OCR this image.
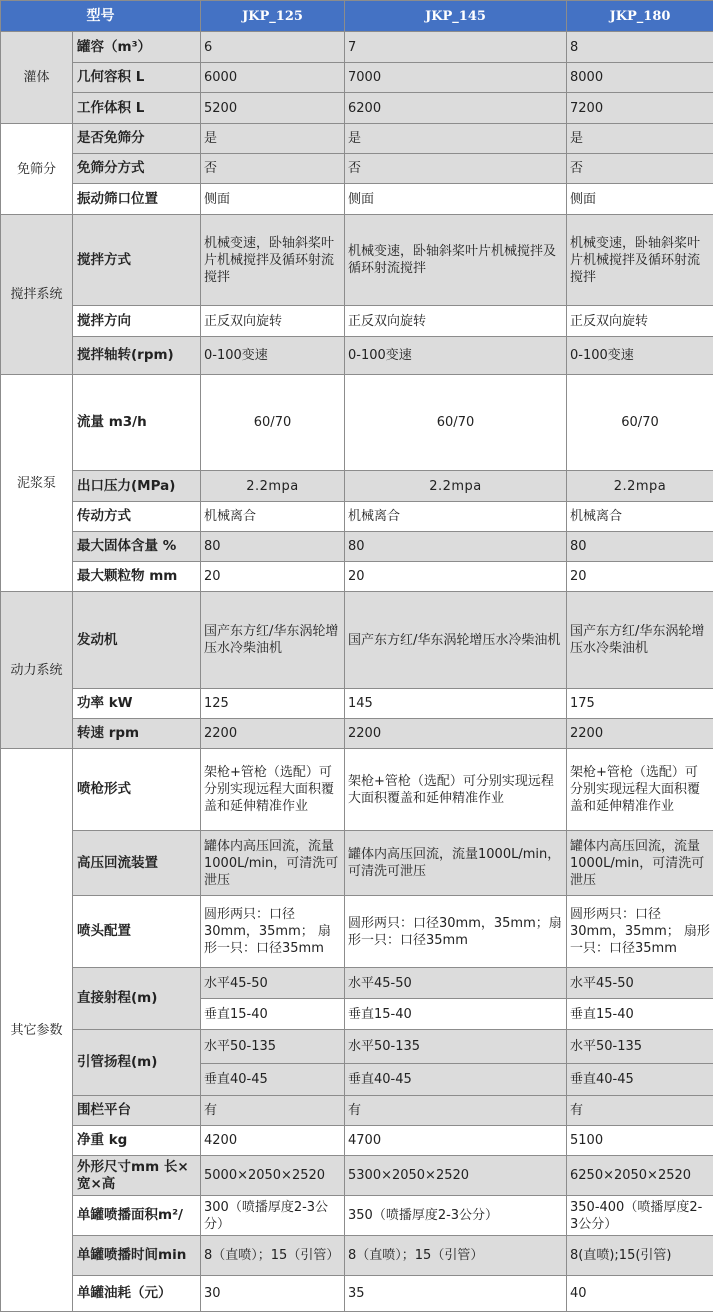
型号		JKP_125	JKP_145	JKP_180
灌体	罐容（m³）	6	7	8
	几何容积 L	6000	7000	8000
	工作体积 L	5200	6200	7200
免筛分	是否免筛分	是	是	是
	免筛分方式	否	否	否
	振动筛口位置	侧面	侧面	侧面
搅拌系统	搅拌方式	机械变速，卧轴斜桨叶片机械搅拌及循环射流搅拌	机械变速，卧轴斜桨叶片机械搅拌及循环射流搅拌	机械变速，卧轴斜桨叶片机械搅拌及循环射流搅拌
	搅拌方向	正反双向旋转	正反双向旋转	正反双向旋转
	搅拌轴转(rpm)	0-100变速	0-100变速	0-100变速
泥浆泵	流量 m3/h	60/70	60/70	60/70
	出口压力(MPa)	2.2mpa	2.2mpa	2.2mpa
	传动方式	机械离合	机械离合	机械离合
	最大固体含量 %	80	80	80
	最大颗粒物 mm	20	20	20
动力系统	发动机	国产东方红/华东涡轮增压水冷柴油机	国产东方红/华东涡轮增压水冷柴油机	国产东方红/华东涡轮增压水冷柴油机
	功率 kW	125	145	175
	转速 rpm	2200	2200	2200
其它参数	喷枪形式	架枪+管枪（选配）可分别实现远程大面积覆盖和延伸精准作业	架枪+管枪（选配）可分别实现远程大面积覆盖和延伸精准作业	架枪+管枪（选配）可分别实现远程大面积覆盖和延伸精准作业
	高压回流装置	罐体内高压回流，流量1000L/min，可清洗可泄压	罐体内高压回流，流量1000L/min，可清洗可泄压	罐体内高压回流，流量1000L/min，可清洗可泄压
	喷头配置	圆形两只：口径30mm，35mm； 扇形一只：口径35mm	圆形两只：口径30mm，35mm；扇形一只：口径35mm	圆形两只：口径30mm，35mm； 扇形一只：口径35mm
	直接射程(m)	水平45-50	水平45-50	水平45-50
		垂直15-40	垂直15-40	垂直15-40
	引管扬程(m)	水平50-135	水平50-135	水平50-135
		垂直40-45	垂直40-45	垂直40-45
	围栏平台	有	有	有
	净重 kg	4200	4700	5100
	外形尺寸mm 长×宽×高	5000×2050×2520	5300×2050×2520	6250×2050×2520
	单罐喷播面积m²/	300（喷播厚度2-3公分）	350（喷播厚度2-3公分）	350-400（喷播厚度2-3公分）
	单罐喷播时间min	8（直喷）；15（引管）	8（直喷）；15（引管）	8(直喷);15(引管)
	单罐油耗（元）	30	35	40
